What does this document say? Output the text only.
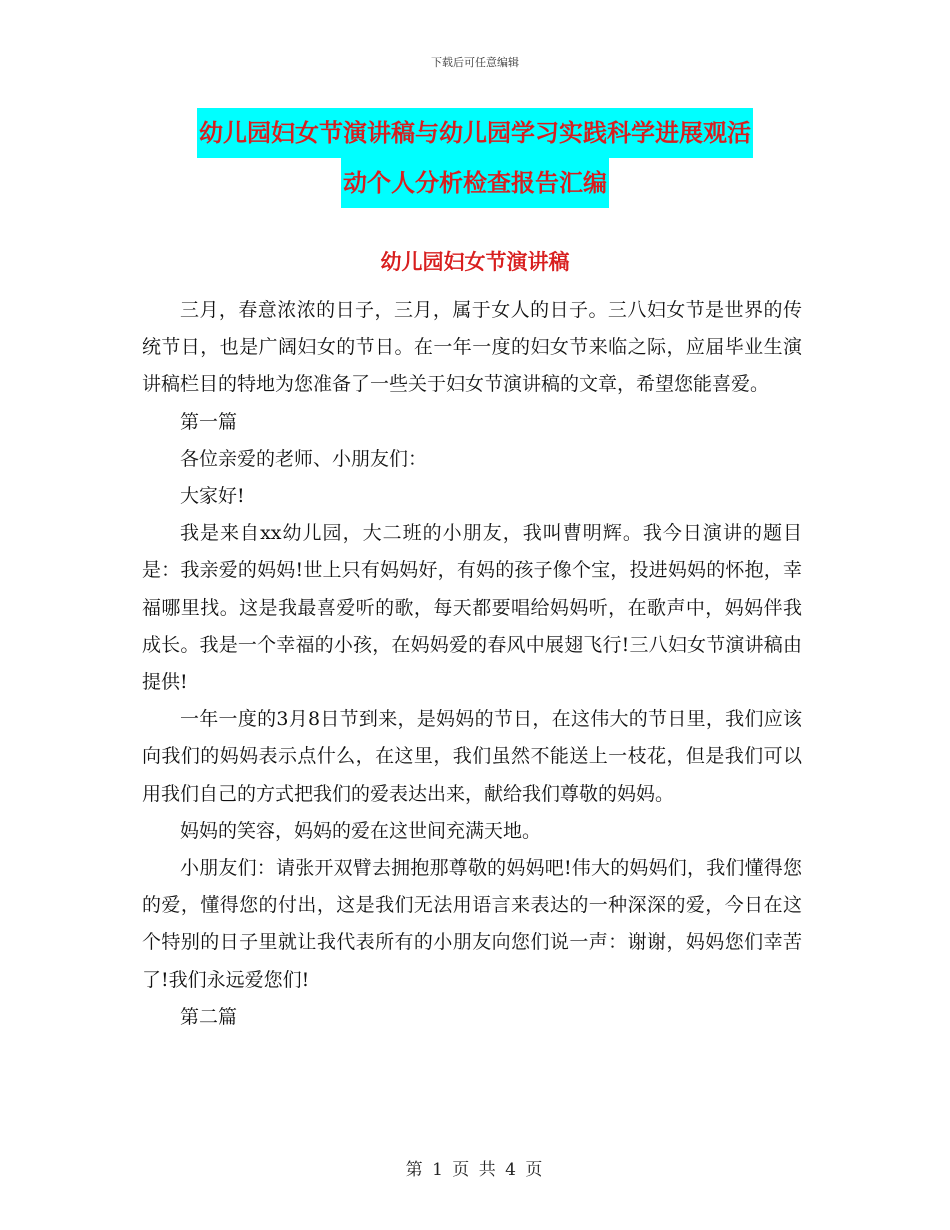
下载后可任意编辑
幼儿园妇女节演讲稿与幼儿园学习实践科学进展观活
动个人分析检查报告汇编
幼儿园妇女节演讲稿

三月，春意浓浓的日子，三月，属于女人的日子。三八妇女节是世界的传统节日，也是广阔妇女的节日。在一年一度的妇女节来临之际，应届毕业生演讲稿栏目的特地为您准备了一些关于妇女节演讲稿的文章，希望您能喜爱。

第一篇

各位亲爱的老师、小朋友们：

大家好!

我是来自xx幼儿园，大二班的小朋友，我叫曹明辉。我今日演讲的题目是：我亲爱的妈妈!世上只有妈妈好，有妈的孩子像个宝，投进妈妈的怀抱，幸福哪里找。这是我最喜爱听的歌，每天都要唱给妈妈听，在歌声中，妈妈伴我成长。我是一个幸福的小孩，在妈妈爱的春风中展翅飞行!三八妇女节演讲稿由提供!

一年一度的3月8日节到来，是妈妈的节日，在这伟大的节日里，我们应该向我们的妈妈表示点什么，在这里，我们虽然不能送上一枝花，但是我们可以用我们自己的方式把我们的爱表达出来，献给我们尊敬的妈妈。

妈妈的笑容，妈妈的爱在这世间充满天地。

小朋友们：请张开双臂去拥抱那尊敬的妈妈吧!伟大的妈妈们，我们懂得您的爱，懂得您的付出，这是我们无法用语言来表达的一种深深的爱，今日在这个特别的日子里就让我代表所有的小朋友向您们说一声：谢谢，妈妈您们幸苦了!我们永远爱您们!

第二篇

第 1 页 共 4 页
